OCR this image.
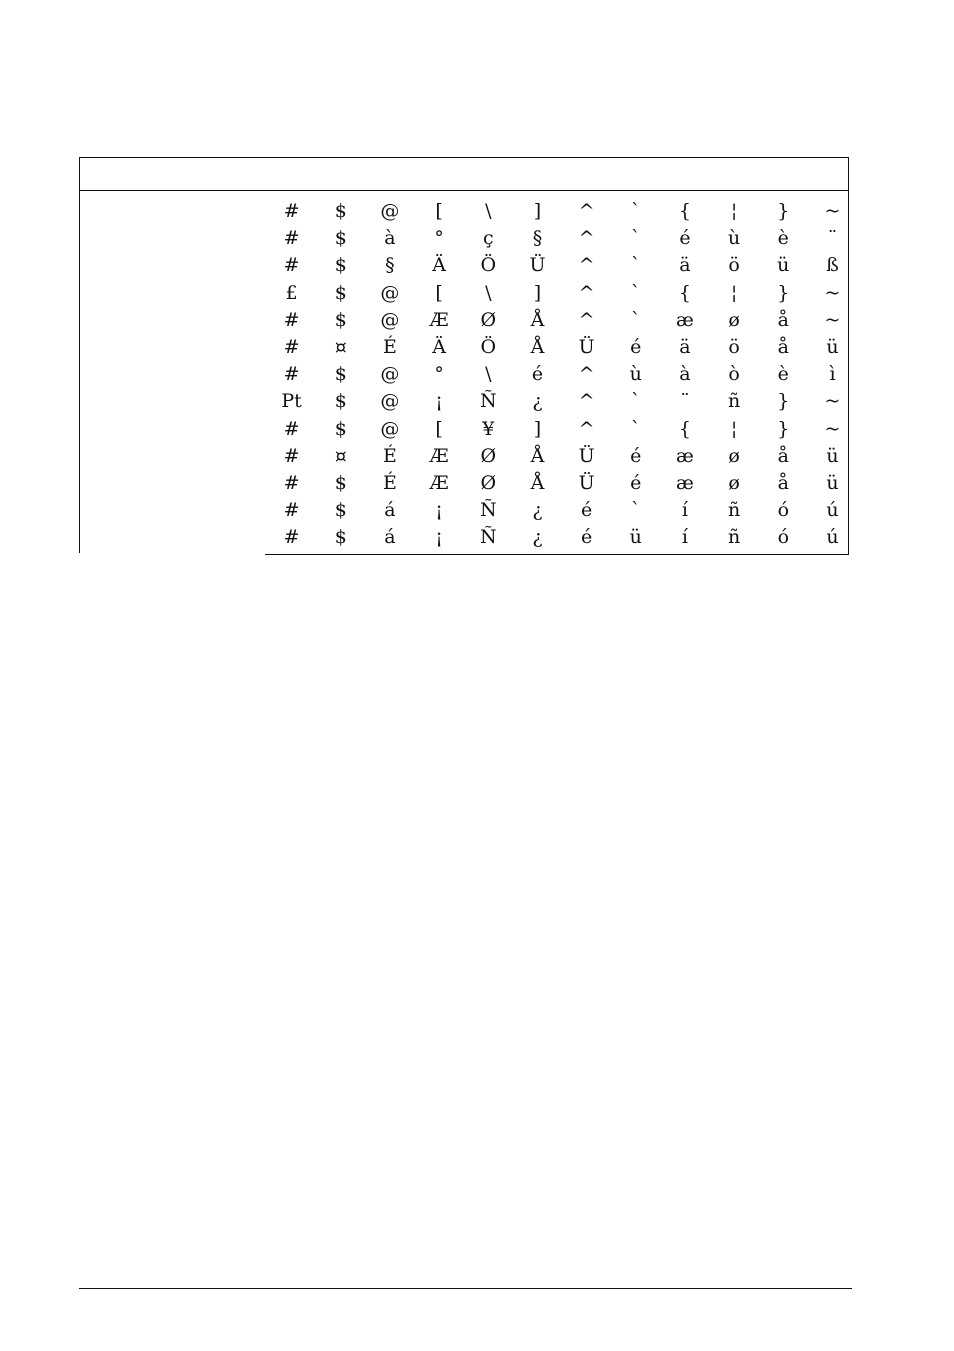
#	$	@	[	\	]	^	`	{	¦	}	~
#	$	à	°	ç	§	^	`	é	ù	è	¨
#	$	§	Ä	Ö	Ü	^	`	ä	ö	ü	ß
£	$	@	[	\	]	^	`	{	¦	}	~
#	$	@	Æ	Ø	Å	^	`	æ	ø	å	~
#	¤	É	Ä	Ö	Å	Ü	é	ä	ö	å	ü
#	$	@	°	\	é	^	ù	à	ò	è	ì
Pt	$	@	¡	Ñ	¿	^	`	¨	ñ	}	~
#	$	@	[	¥	]	^	`	{	¦	}	~
#	¤	É	Æ	Ø	Å	Ü	é	æ	ø	å	ü
#	$	É	Æ	Ø	Å	Ü	é	æ	ø	å	ü
#	$	á	¡	Ñ	¿	é	`	í	ñ	ó	ú
#	$	á	¡	Ñ	¿	é	ü	í	ñ	ó	ú
